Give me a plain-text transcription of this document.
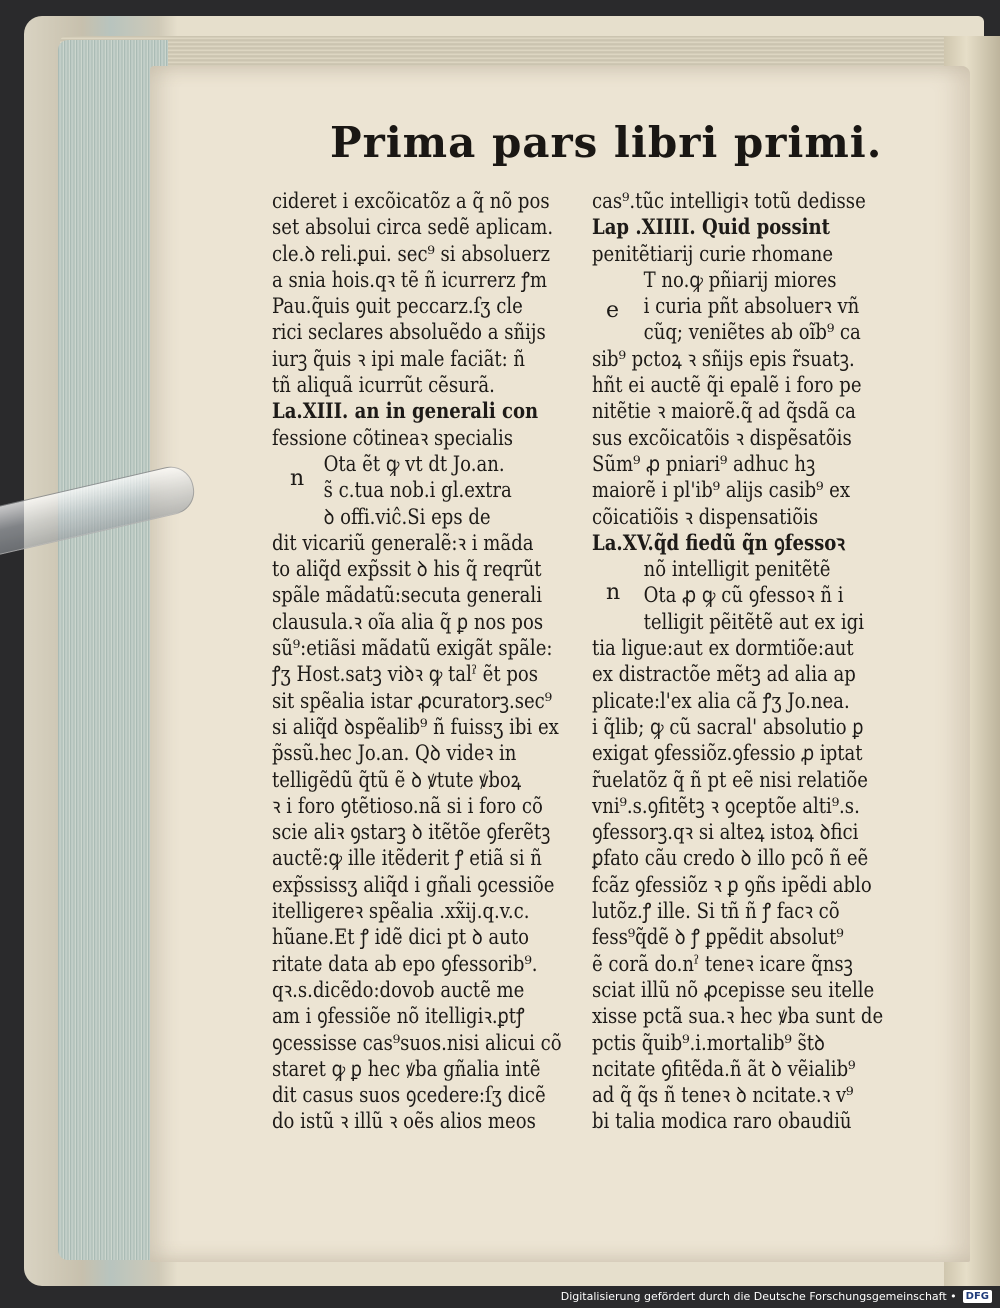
Prima pars libri primi.
cideret i excõicatõz a q̃ nõ pos
set absolui circa sedẽ aplicam.
cle.ꝺ reli.ꝑui. sec⁹ si absoluerz
a snia hois.qꝛ tẽ ñ icurrerz ꝭm
Pau.q̃uis ꝯuit peccarz.ſʒ cle
rici seclares absoluẽdo a sñijs
iurꝫ q̃uis ꝛ ipi male faciãt: ñ
tñ aliquã icurrũt cẽsurã.
La.XIII. an in generali con
fessione cõtineaꝛ specialis
Ota ẽt ꝙ vt dt Jo.an.
s̃ c.tua nob.i gl.extra
ꝺ offi.viĉ.Si eps de
dit vicariũ generalẽ:ꝛ i mãda
to aliq̃d exp̃ssit ꝺ his q̃ reqrũt
spãle mãdatũ:secuta generali
clausula.ꝛ oĩa alia q̃ ꝑ nos pos
sũ⁹:etiãsi mãdatũ exigãt spãle:
ꝭʒ Host.satꝫ viꝺꝛ ꝙ talˀ ẽt pos
sit spẽalia istar ꝓcuratorꝫ.sec⁹
si aliq̃d ꝺspẽalib⁹ ñ fuissʒ ibi ex
p̃ssũ.hec Jo.an. Qꝺ videꝛ in
telligẽdũ q̃tũ ẽ ꝺ ꝟtute ꝟboꝝ
ꝛ i foro ꝯtẽtioso.nã si i foro cõ
scie aliꝛ ꝯstarꝫ ꝺ itẽtõe ꝯferẽtꝫ
auctẽ:ꝙ ille itẽderit ꝭ etiã si ñ
exp̃ssissʒ aliq̃d i gñali ꝯcessiõe
itelligereꝛ spẽalia .xx̃ij.q.v.c.
hũane.Et ꝭ idẽ dici pt ꝺ auto
ritate data ab epo ꝯfessorib⁹.
qꝛ.s.dicẽdo:dovob auctẽ me
am i ꝯfessiõe nõ itelligiꝛ.ꝑtꝭ
ꝯcessisse cas⁹suos.nisi alicui cõ
staret ꝙ ꝑ hec ꝟba gñalia intẽ
dit casus suos ꝯcedere:ſʒ dicẽ
do istũ ꝛ illũ ꝛ oẽs alios meos
cas⁹.tũc intelligiꝛ totũ dedisse
Lap .XIIII. Quid possint
penitẽtiarij curie rhomane
T no.ꝙ pñiarij miores
i curia pñt absoluerꝛ vñ
cũq; veniẽtes ab oĩb⁹ ca
sib⁹ pctoꝝ ꝛ sñijs epis r̃suatꝫ.
hñt ei auctẽ q̃i epalẽ i foro pe
nitẽtie ꝛ maiorẽ.q̃ ad q̃sdã ca
sus excõicatõis ꝛ dispẽsatõis
Sũm⁹ ꝓ pniari⁹ adhuc hꝫ
maiorẽ i pl'ib⁹ alijs casib⁹ ex
cõicatiõis ꝛ dispensatiõis
La.XV.q̃d fiedũ q̃n ꝯfessoꝛ
nõ intelligit penitẽtẽ
Ota ꝓ ꝙ cũ ꝯfessoꝛ ñ i
telligit pẽitẽtẽ aut ex igi
tia ligue:aut ex dormtiõe:aut
ex distractõe mẽtꝫ ad alia ap
plicate:l'ex alia cã ꝭʒ Jo.nea.
i q̃lib; ꝙ cũ sacral' absolutio ꝑ
exigat ꝯfessiõz.ꝯfessio ꝓ iptat
r̃uelatõz q̃ ñ pt eẽ nisi relatiõe
vni⁹.s.ꝯfitẽtꝫ ꝛ ꝯceptõe alti⁹.s.
ꝯfessorꝫ.qꝛ si alteꝝ istoꝝ ꝺfici
ꝑfato cãu credo ꝺ illo pcõ ñ eẽ
fcãz ꝯfessiõz ꝛ ꝑ ꝯñs ipẽdi ablo
lutõz.ꝭ ille. Si tñ ñ ꝭ facꝛ cõ
fess⁹q̃dẽ ꝺ ꝭ ꝑpẽdit absolut⁹
ẽ corã do.nˀ teneꝛ icare q̃nsꝫ
sciat illũ nõ ꝓcepisse seu itelle
xisse pctã sua.ꝛ hec ꝟba sunt de
pctis q̃uib⁹.i.mortalib⁹ s̃tꝺ
ncitate ꝯfitẽda.ñ ãt ꝺ vẽialib⁹
ad q̃ q̃s ñ teneꝛ ꝺ ncitate.ꝛ v⁹
bi talia modica raro obaudiũ
n
e
n
Digitalisierung gefördert durch die Deutsche Forschungsgemeinschaft • DFG
